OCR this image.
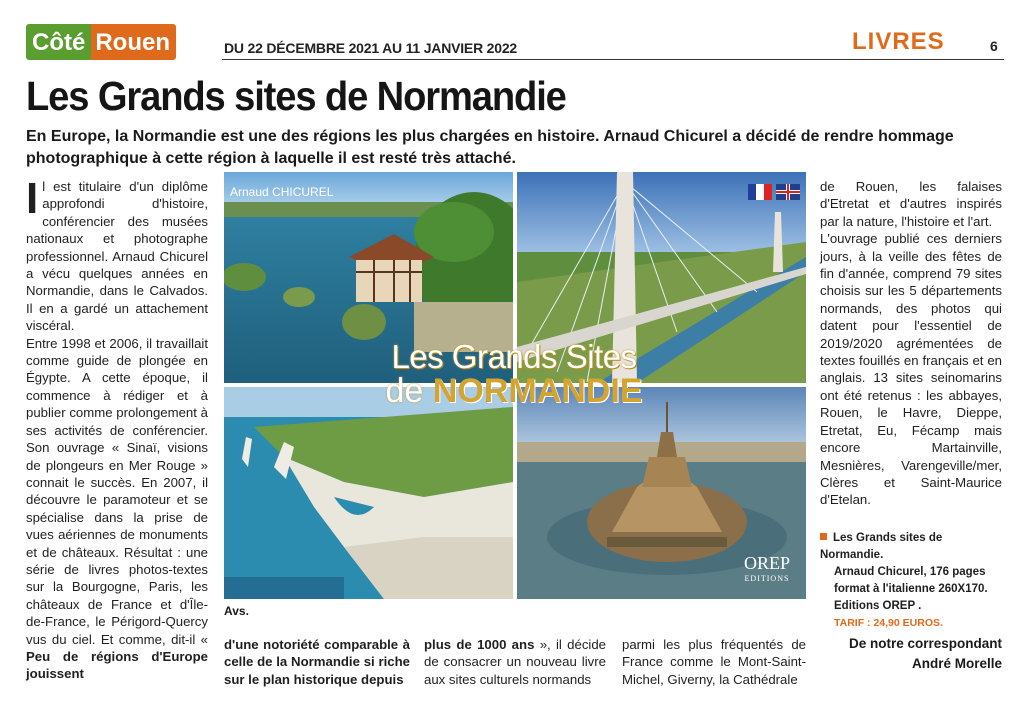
Côté Rouen	DU 22 DÉCEMBRE 2021 AU 11 JANVIER 2022	LIVRES	6
Les Grands sites de Normandie
En Europe, la Normandie est une des régions les plus chargées en histoire. Arnaud Chicurel a décidé de rendre hommage photographique à cette région à laquelle il est resté très attaché.
Il est titulaire d'un diplôme approfondi d'histoire, conférencier des musées nationaux et photographe professionnel. Arnaud Chicurel a vécu quelques années en Normandie, dans le Calvados. Il en a gardé un attachement viscéral.
Entre 1998 et 2006, il travaillait comme guide de plongée en Égypte. A cette époque, il commence à rédiger et à publier comme prolongement à ses activités de conférencier. Son ouvrage « Sinaï, visions de plongeurs en Mer Rouge » connait le succès. En 2007, il découvre le paramoteur et se spécialise dans la prise de vues aériennes de monuments et de châteaux. Résultat : une série de livres photos-textes sur la Bourgogne, Paris, les châteaux de France et d'Île-de-France, le Périgord-Quercy vus du ciel. Et comme, dit-il « Peu de régions d'Europe jouissent
Arnaud CHICUREL
OREP
EDITIONS
Les Grands Sites
de NORMANDIE
Avs.
d'une notoriété comparable à celle de la Normandie si riche sur le plan historique depuis
plus de 1000 ans », il décide de consacrer un nouveau livre aux sites culturels normands
parmi les plus fréquentés de France comme le Mont-Saint-Michel, Giverny, la Cathédrale
de Rouen, les falaises d'Etretat et d'autres inspirés par la nature, l'histoire et l'art.
L'ouvrage publié ces derniers jours, à la veille des fêtes de fin d'année, comprend 79 sites choisis sur les 5 départements normands, des photos qui datent pour l'essentiel de 2019/2020 agrémentées de textes fouillés en français et en anglais. 13 sites seinomarins ont été retenus : les abbayes, Rouen, le Havre, Dieppe, Etretat, Eu, Fécamp mais encore Martainville, Mesnières, Varengeville/mer, Clères et Saint-Maurice d'Etelan.
Les Grands sites de Normandie.
Arnaud Chicurel, 176 pages
format à l'italienne 260X170.
Editions OREP .
TARIF : 24,90 EUROS.
De notre correspondant
André Morelle
